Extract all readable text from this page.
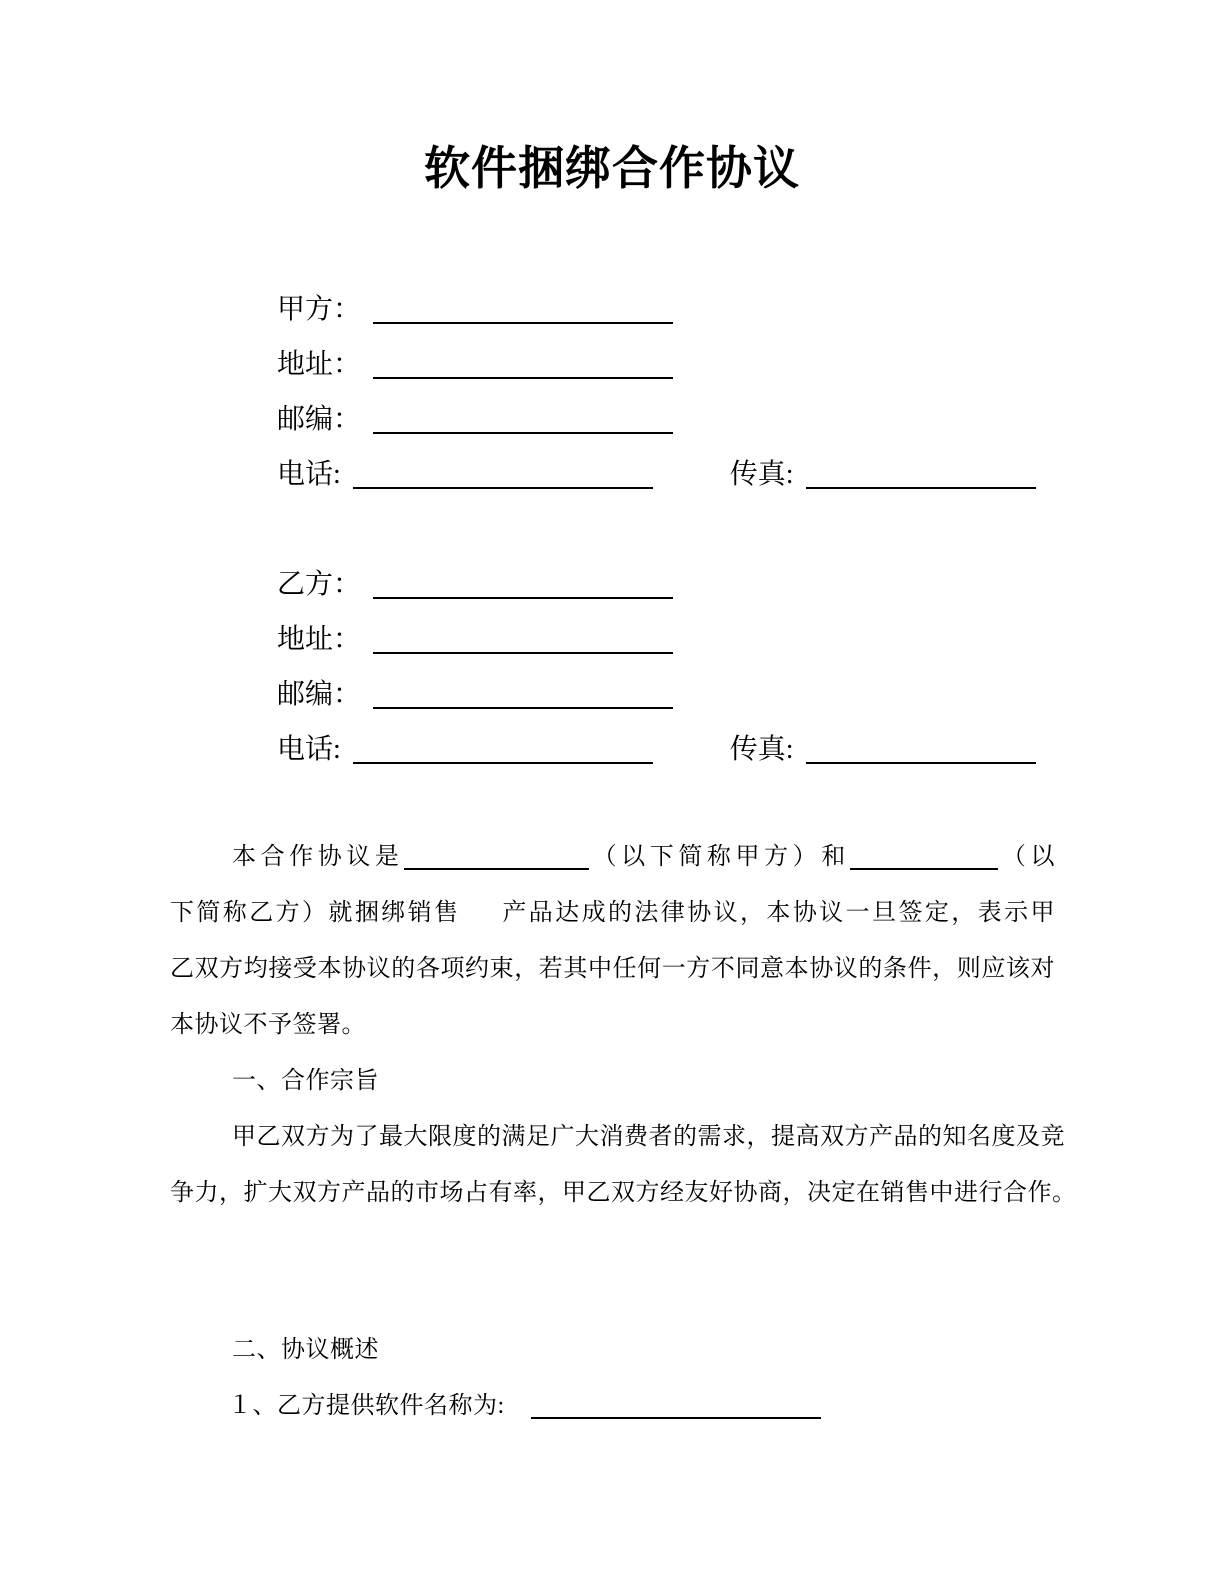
软件捆绑合作协议
甲方：
地址：
邮编：
电话:	传真:
乙方：
地址：
邮编：
电话:	传真:
本合作协议是	（以下简称甲方）和	（以
下简称乙方）就捆绑销售 产品达成的法律协议，本协议一旦签定，表示甲
乙双方均接受本协议的各项约束，若其中任何一方不同意本协议的条件，则应该对
本协议不予签署。
一、合作宗旨
甲乙双方为了最大限度的满足广大消费者的需求，提高双方产品的知名度及竞
争力，扩大双方产品的市场占有率，甲乙双方经友好协商，决定在销售中进行合作。
二、协议概述
１、乙方提供软件名称为:
